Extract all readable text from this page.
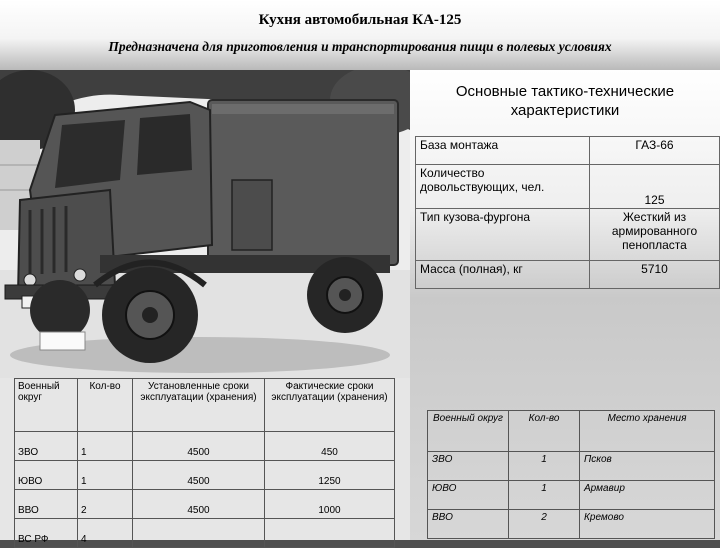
Кухня автомобильная КА-125
Предназначена для приготовления и транспортирования пищи в полевых условиях
Основные тактико-технические
характеристики
База монтажа	ГАЗ-66
Количество довольствующих, чел.	125
Тип кузова-фургона	Жесткий из армированного пенопласта
Масса (полная), кг	5710
Военный округ	Кол-во	Установленные сроки эксплуатации (хранения)	Фактические сроки эксплуатации (хранения)
ЗВО	1	4500	450
ЮВО	1	4500	1250
ВВО	2	4500	1000
ВС РФ	4		
Военный округ	Кол-во	Место хранения
ЗВО	1	Псков
ЮВО	1	Армавир
ВВО	2	Кремово
